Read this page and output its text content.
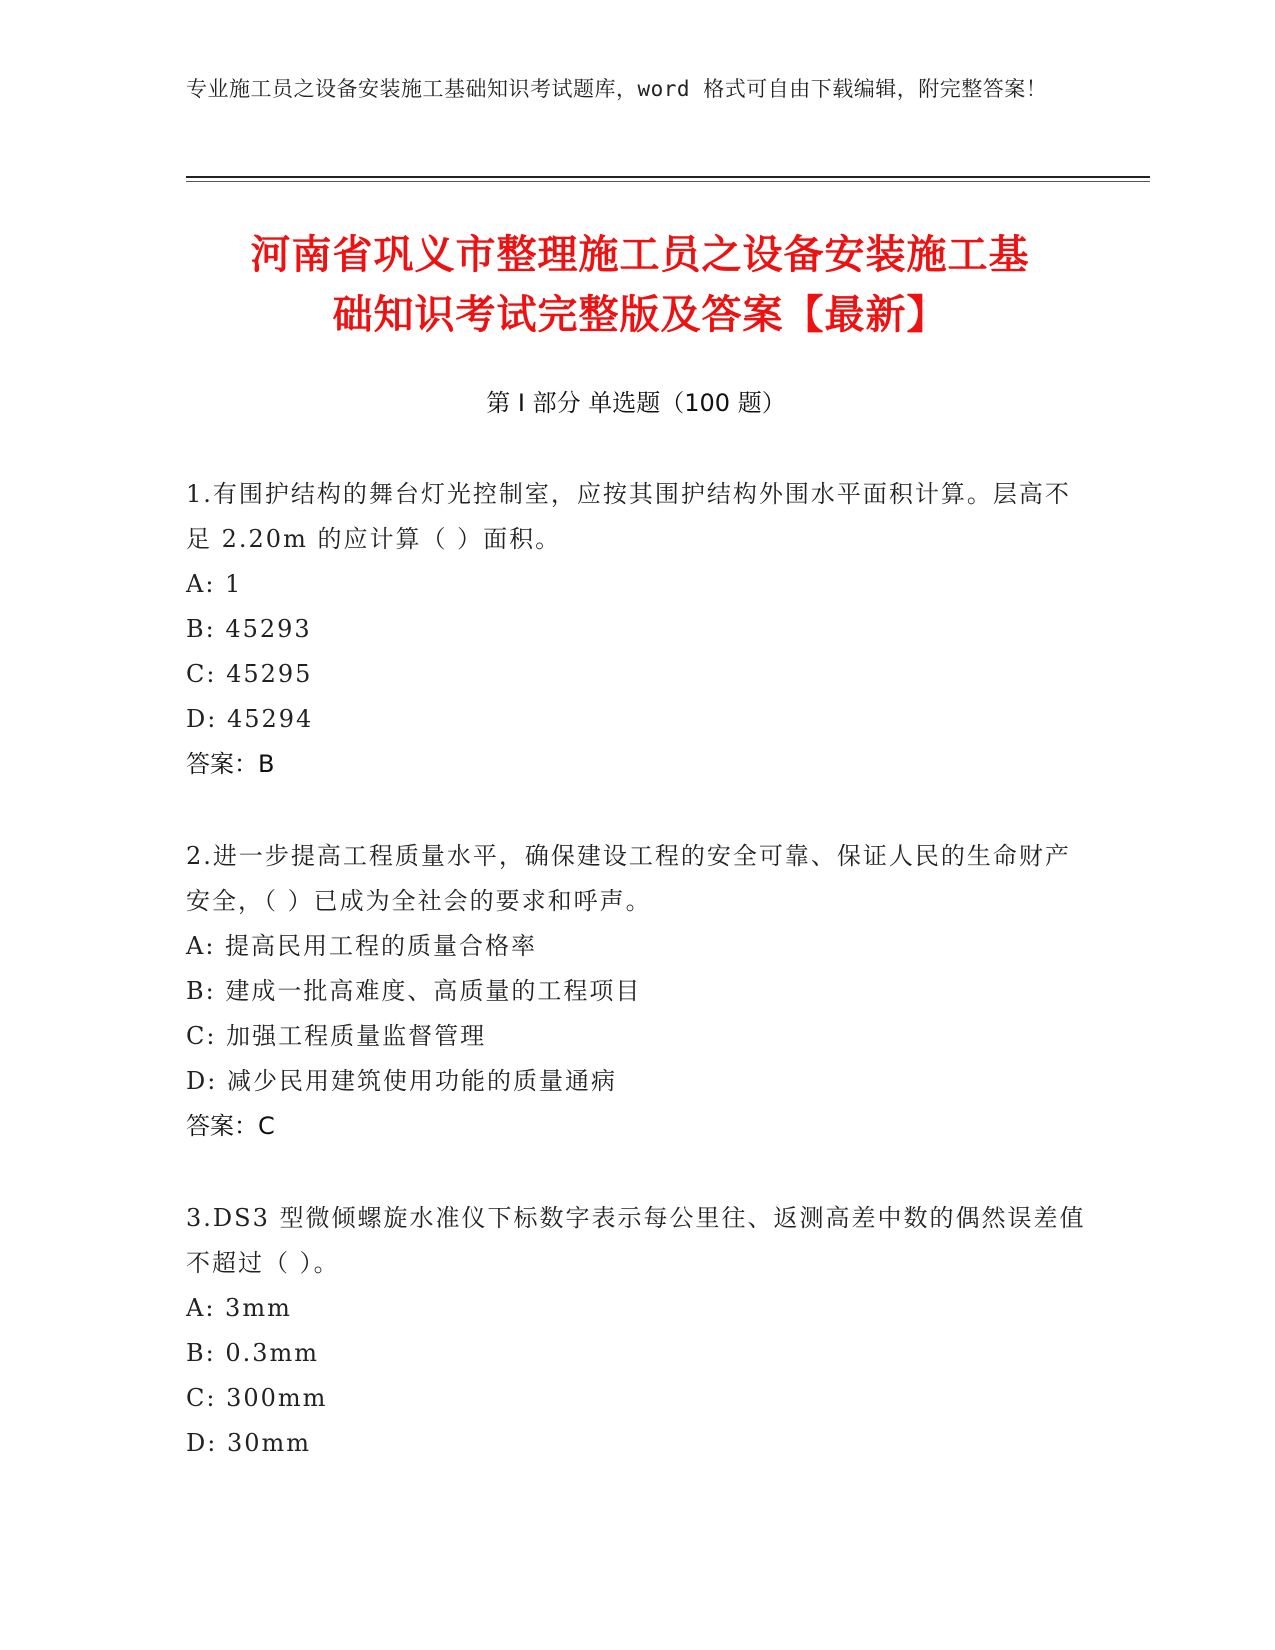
专业施工员之设备安装施工基础知识考试题库，word 格式可自由下载编辑，附完整答案！
河南省巩义市整理施工员之设备安装施工基
础知识考试完整版及答案【最新】
第 I 部分 单选题（100 题）
1.有围护结构的舞台灯光控制室，应按其围护结构外围水平面积计算。层高不足 2.20m 的应计算（ ）面积。
A: 1
B: 45293
C: 45295
D: 45294
答案：B
2.进一步提高工程质量水平，确保建设工程的安全可靠、保证人民的生命财产安全，（ ）已成为全社会的要求和呼声。
A: 提高民用工程的质量合格率
B: 建成一批高难度、高质量的工程项目
C: 加强工程质量监督管理
D: 减少民用建筑使用功能的质量通病
答案：C
3.DS3 型微倾螺旋水准仪下标数字表示每公里往、返测高差中数的偶然误差值不超过（ ）。
A: 3mm
B: 0.3mm
C: 300mm
D: 30mm
